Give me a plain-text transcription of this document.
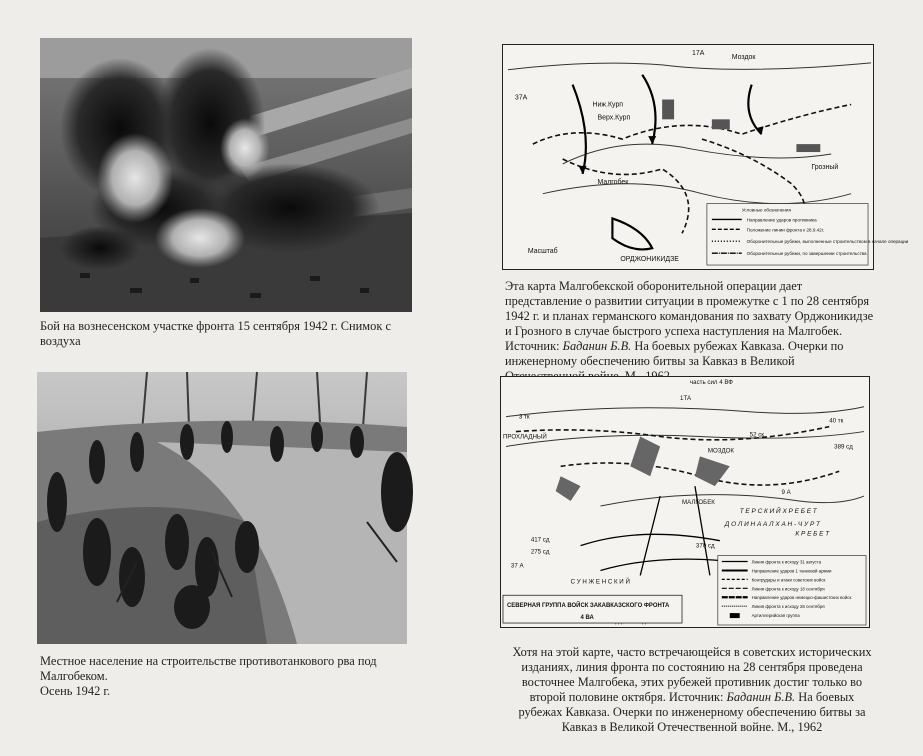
Бой на вознесенском участке фронта 15 сентября 1942 г. Снимок с воздуха

Местное население на строительстве противотанкового рва под Малгобеком.
Осень 1942 г.

17А
37А
Малгобек
Грозный
ОРДЖОНИКИДЗЕ
Моздок
Ниж.Курп
Верх.Курп
Масштаб
Условные обозначения
Направление ударов противника
Положение линии фронта к 28.9.42г.
Оборонительные рубежи, выполненные строительством в начале операции
Оборонительные рубежи, по завершении строительства

Эта карта Малгобекской оборонительной операции дает представление о развитии ситуации в промежутке с 1 по 28 сентября 1942 г. и планах германского командования по захвату Орджоникидзе и Грозного в случае быстрого успеха наступления на Малгобек. Источник: Баданин Б.В. На боевых рубежах Кавказа. Очерки по инженерному обеспечению битвы за Кавказ в Великой

часть сил 4 ВФ
1ТА
3 тк
37 А
9 А
52 ск
40 тк
389 сд
МОЗДОК
ПРОХЛАДНЫЙ
МАЛГОБЕК
С У Н Ж Е Н С К И Й
370 сд
275 сд
417 сд
Д О Л И Н А А Л Х А Н - Ч У Р Т
Т Е Р С К И Й Х Р Е Б Е Т
К Р Е Б Е Т
СЕВЕРНАЯ ГРУППА ВОЙСК ЗАКАВКАЗСКОГО ФРОНТА
4 ВА
Линия фронта к исходу 31 августа
Направление ударов 1 танковой армии
Контрудары и атаки советских войск
Линия фронта к исходу 18 сентября
Направление ударов немецко-фашистских войск
Линия фронта к исходу 28 сентября
Артиллерийская группа

Хотя на этой карте, часто встречающейся в советских исторических изданиях, линия фронта по состоянию на 28 сентября проведена восточнее Малгобека, этих рубежей противник достиг только во второй половине октября. Источник: Баданин Б.В. На боевых рубежах Кавказа. Очерки по инженерному обеспечению битвы за Кавказ в Великой Отечественной войне. М., 1962
